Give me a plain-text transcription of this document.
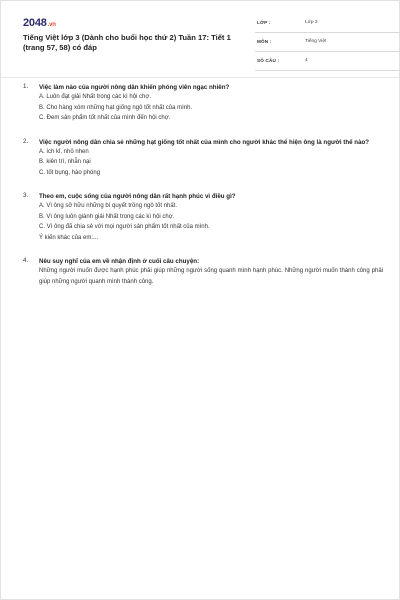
2048.vn
Tiếng Việt lớp 3 (Dành cho buổi học thứ 2) Tuần 17: Tiết 1 (trang 57, 58) có đáp
LỚP :	Lớp 3
MÔN :	Tiếng Việt
SỐ CÂU :	4
1. Việc làm nào của người nông dân khiến phóng viên ngạc nhiên?
A. Luôn đạt giải Nhất trong các kì hội chợ.
B. Cho hàng xóm những hạt giống ngô tốt nhất của mình.
C. Đem sản phẩm tốt nhất của mình đến hội chợ.
2. Việc người nông dân chia sẻ những hạt giống tốt nhất của mình cho người khác thể hiện ông là người thế nào?
A. ích kỉ, nhỏ nhen
B. kiên trì, nhẫn nại
C. tốt bụng, hào phóng
3. Theo em, cuộc sống của người nông dân rất hạnh phúc vì điều gì?
A. Vì ông sở hữu những bí quyết trồng ngô tốt nhất.
B. Vì ông luôn giành giải Nhất trong các kì hội chợ.
C. Vì ông đã chia sẻ với mọi người sản phẩm tốt nhất của mình.
Ý kiến khác của em:...
4. Nêu suy nghĩ của em về nhận định ở cuối câu chuyện:
Những người muốn được hạnh phúc phải giúp những người sống quanh mình hạnh phúc. Những người muốn thành công phải giúp những người quanh mình thành công.
